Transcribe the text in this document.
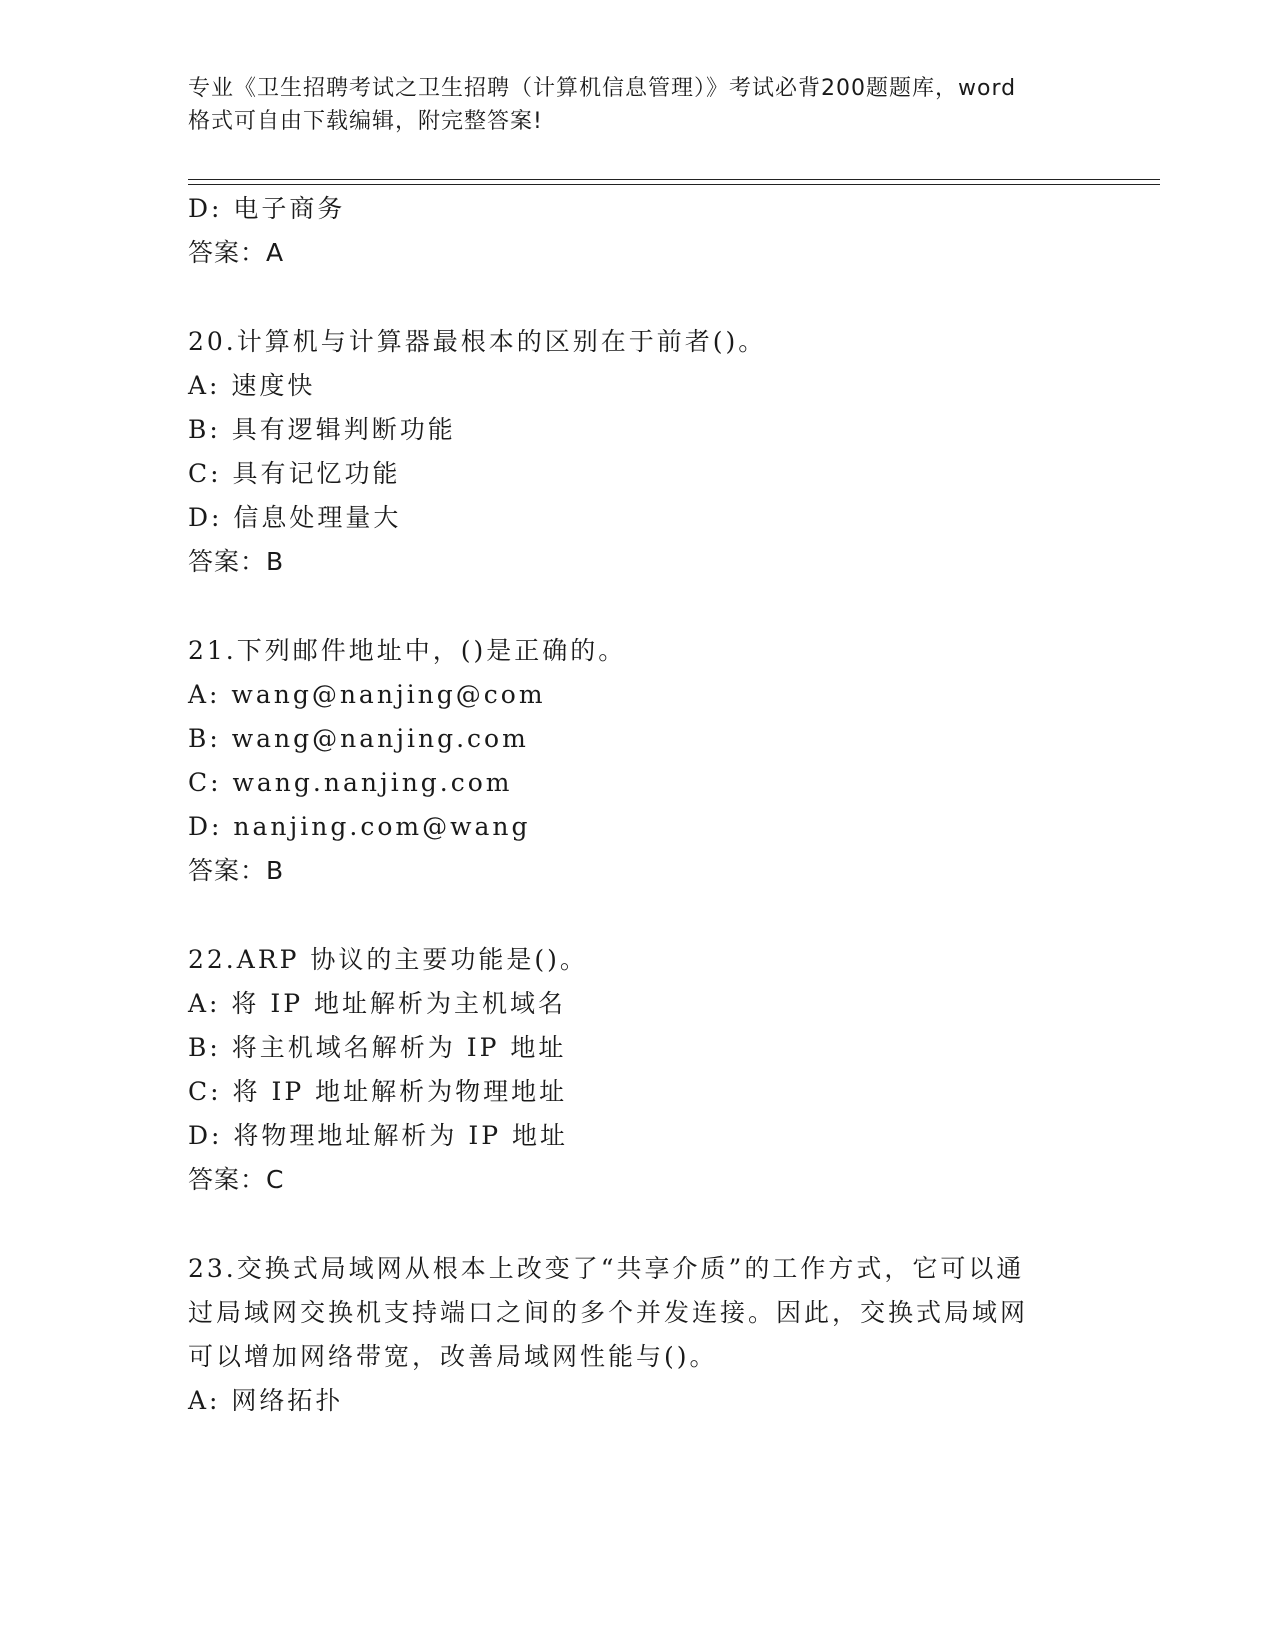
专业《卫生招聘考试之卫生招聘（计算机信息管理）》考试必背200题题库，word
格式可自由下载编辑，附完整答案!
D: 电子商务
答案：A
20.计算机与计算器最根本的区别在于前者()。
A: 速度快
B: 具有逻辑判断功能
C: 具有记忆功能
D: 信息处理量大
答案：B
21.下列邮件地址中，()是正确的。
A: wang@nanjing@com
B: wang@nanjing.com
C: wang.nanjing.com
D: nanjing.com@wang
答案：B
22.ARP 协议的主要功能是()。
A: 将 IP 地址解析为主机域名
B: 将主机域名解析为 IP 地址
C: 将 IP 地址解析为物理地址
D: 将物理地址解析为 IP 地址
答案：C
23.交换式局域网从根本上改变了“共享介质”的工作方式，它可以通
过局域网交换机支持端口之间的多个并发连接。因此，交换式局域网
可以增加网络带宽，改善局域网性能与()。
A: 网络拓扑
